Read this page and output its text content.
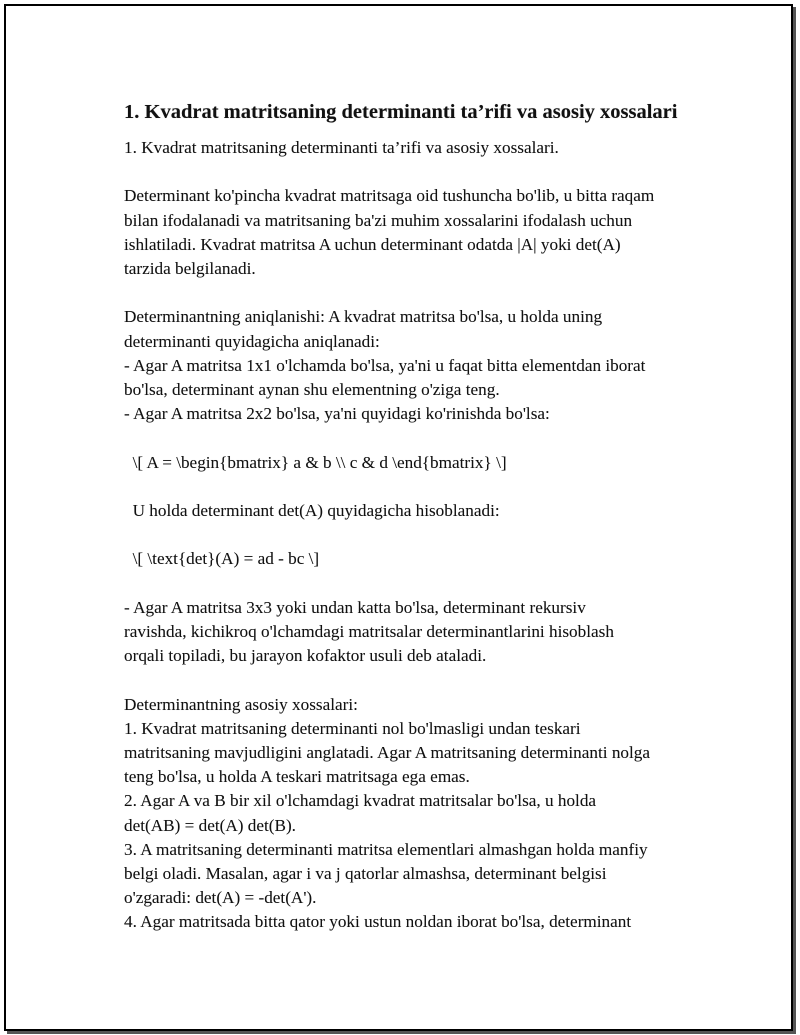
1. Kvadrat matritsaning determinanti ta’rifi va asosiy xossalari
1. Kvadrat matritsaning determinanti ta’rifi va asosiy xossalari.
Determinant ko'pincha kvadrat matritsaga oid tushuncha bo'lib, u bitta raqam
bilan ifodalanadi va matritsaning ba'zi muhim xossalarini ifodalash uchun
ishlatiladi. Kvadrat matritsa A uchun determinant odatda |A| yoki det(A)
tarzida belgilanadi.
Determinantning aniqlanishi: A kvadrat matritsa bo'lsa, u holda uning
determinanti quyidagicha aniqlanadi:
- Agar A matritsa 1x1 o'lchamda bo'lsa, ya'ni u faqat bitta elementdan iborat
bo'lsa, determinant aynan shu elementning o'ziga teng.
- Agar A matritsa 2x2 bo'lsa, ya'ni quyidagi ko'rinishda bo'lsa:
\[ A = \begin{bmatrix} a & b \\ c & d \end{bmatrix} \]
U holda determinant det(A) quyidagicha hisoblanadi:
\[ \text{det}(A) = ad - bc \]
- Agar A matritsa 3x3 yoki undan katta bo'lsa, determinant rekursiv
ravishda, kichikroq o'lchamdagi matritsalar determinantlarini hisoblash
orqali topiladi, bu jarayon kofaktor usuli deb ataladi.
Determinantning asosiy xossalari:
1. Kvadrat matritsaning determinanti nol bo'lmasligi undan teskari
matritsaning mavjudligini anglatadi. Agar A matritsaning determinanti nolga
teng bo'lsa, u holda A teskari matritsaga ega emas.
2. Agar A va B bir xil o'lchamdagi kvadrat matritsalar bo'lsa, u holda
det(AB) = det(A) det(B).
3. A matritsaning determinanti matritsa elementlari almashgan holda manfiy
belgi oladi. Masalan, agar i va j qatorlar almashsa, determinant belgisi
o'zgaradi: det(A) = -det(A').
4. Agar matritsada bitta qator yoki ustun noldan iborat bo'lsa, determinant
